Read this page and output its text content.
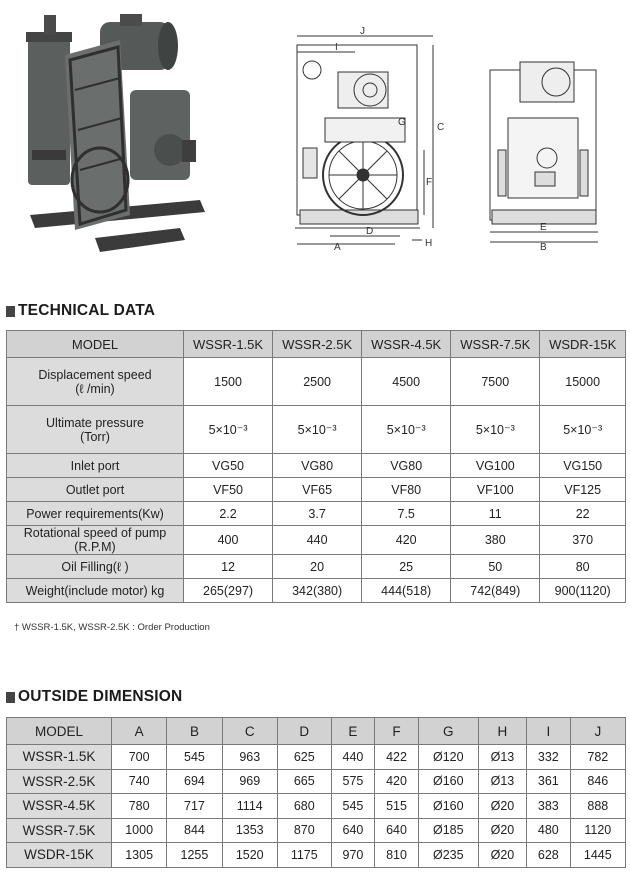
J
I
C
G
F
D
A	H
E
B
TECHNICAL DATA
MODEL	WSSR-1.5K	WSSR-2.5K	WSSR-4.5K	WSSR-7.5K	WSDR-15K
Displacement speed
(ℓ /min)	1500	2500	4500	7500	15000
Ultimate pressure
(Torr)	5×10⁻³	5×10⁻³	5×10⁻³	5×10⁻³	5×10⁻³
Inlet port	VG50	VG80	VG80	VG100	VG150
Outlet port	VF50	VF65	VF80	VF100	VF125
Power requirements(Kw)	2.2	3.7	7.5	11	22
Rotational speed of pump (R.P.M)	400	440	420	380	370
Oil Filling(ℓ )	12	20	25	50	80
Weight(include motor) kg	265(297)	342(380)	444(518)	742(849)	900(1120)
† WSSR-1.5K, WSSR-2.5K : Order Production
OUTSIDE DIMENSION
MODEL	A	B	C	D	E	F	G	H	I	J
WSSR-1.5K	700	545	963	625	440	422	Ø120	Ø13	332	782
WSSR-2.5K	740	694	969	665	575	420	Ø160	Ø13	361	846
WSSR-4.5K	780	717	1114	680	545	515	Ø160	Ø20	383	888
WSSR-7.5K	1000	844	1353	870	640	640	Ø185	Ø20	480	1120
WSDR-15K	1305	1255	1520	1175	970	810	Ø235	Ø20	628	1445
